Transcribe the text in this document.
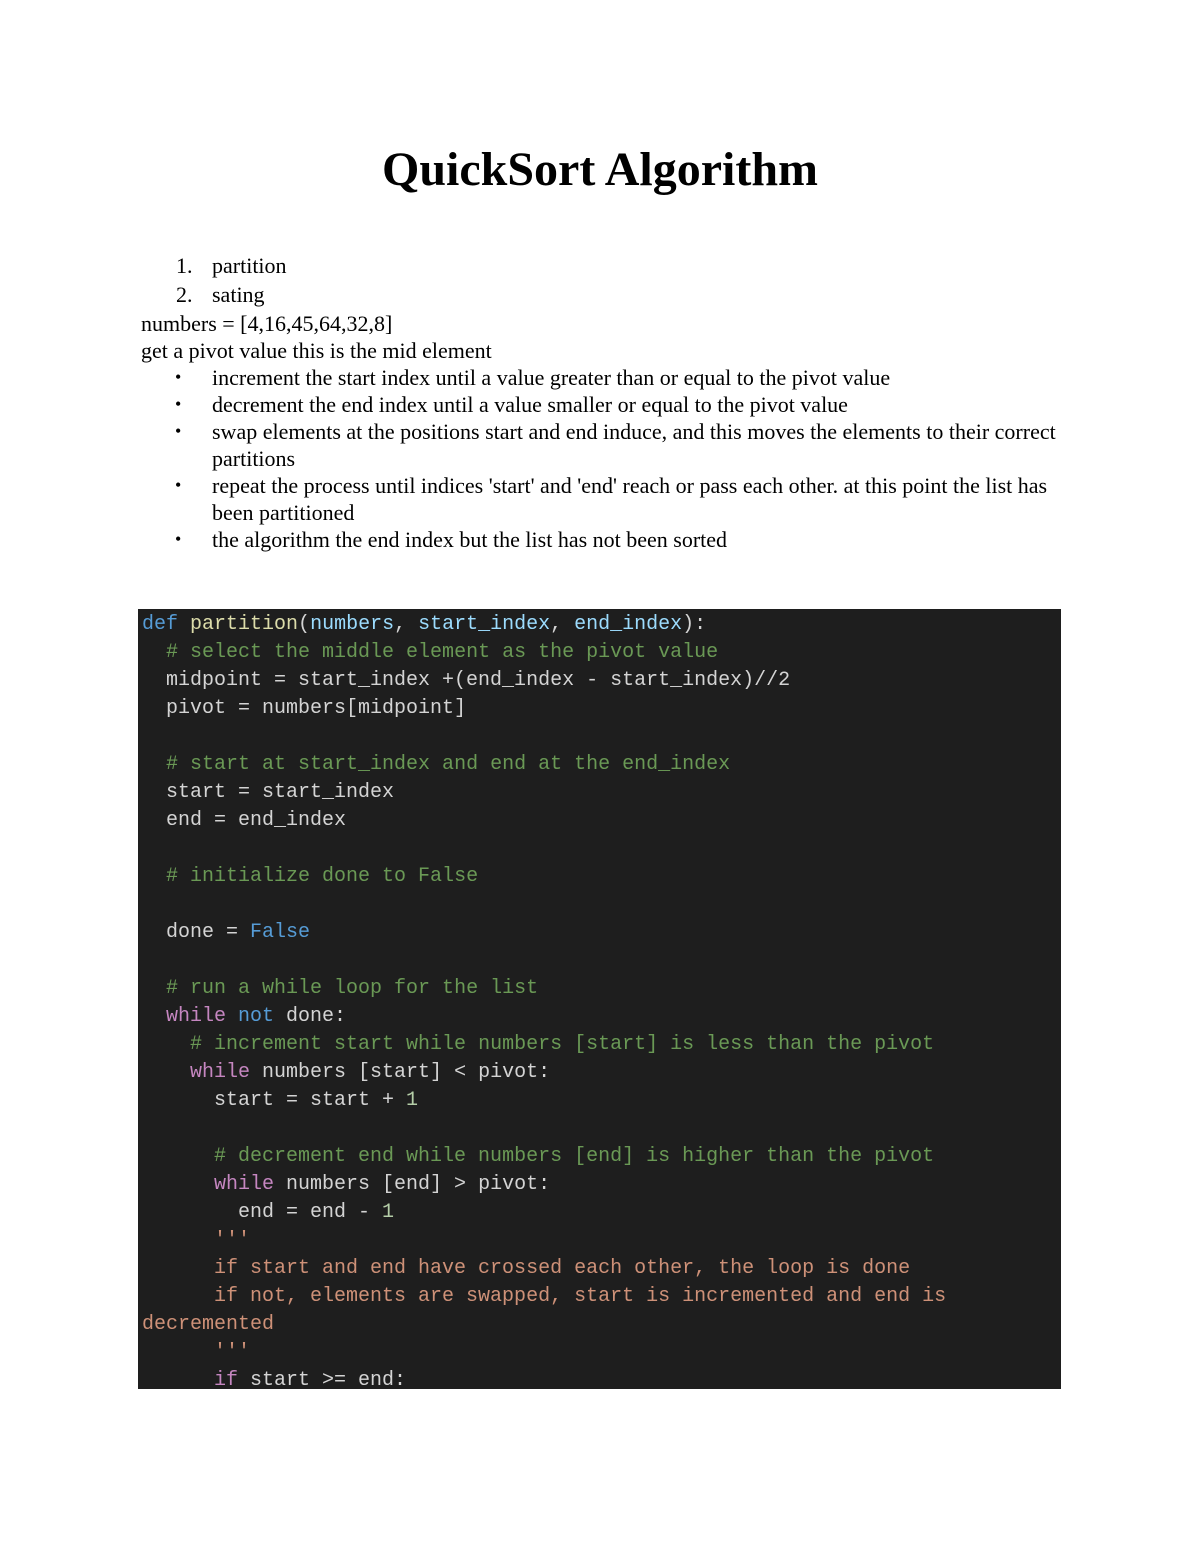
QuickSort Algorithm
1. partition
2. sating
numbers = [4,16,45,64,32,8]
get a pivot value this is the mid element
• increment the start index until a value greater than or equal to the pivot value
• decrement the end index until a value smaller or equal to the pivot value
• swap elements at the positions start and end induce, and this moves the elements to their correct partitions
• repeat the process until indices 'start' and 'end' reach or pass each other. at this point the list has been partitioned
• the algorithm the end index but the list has not been sorted
def partition(numbers, start_index, end_index):
# select the middle element as the pivot value
midpoint = start_index +(end_index - start_index)//2
pivot = numbers[midpoint]
# start at start_index and end at the end_index
start = start_index
end = end_index
# initialize done to False
done = False
# run a while loop for the list
while not done:
# increment start while numbers [start] is less than the pivot
while numbers [start] < pivot:
start = start + 1
# decrement end while numbers [end] is higher than the pivot
while numbers [end] > pivot:
end = end - 1
'''
if start and end have crossed each other, the loop is done
if not, elements are swapped, start is incremented and end is
decremented
'''
if start >= end:
